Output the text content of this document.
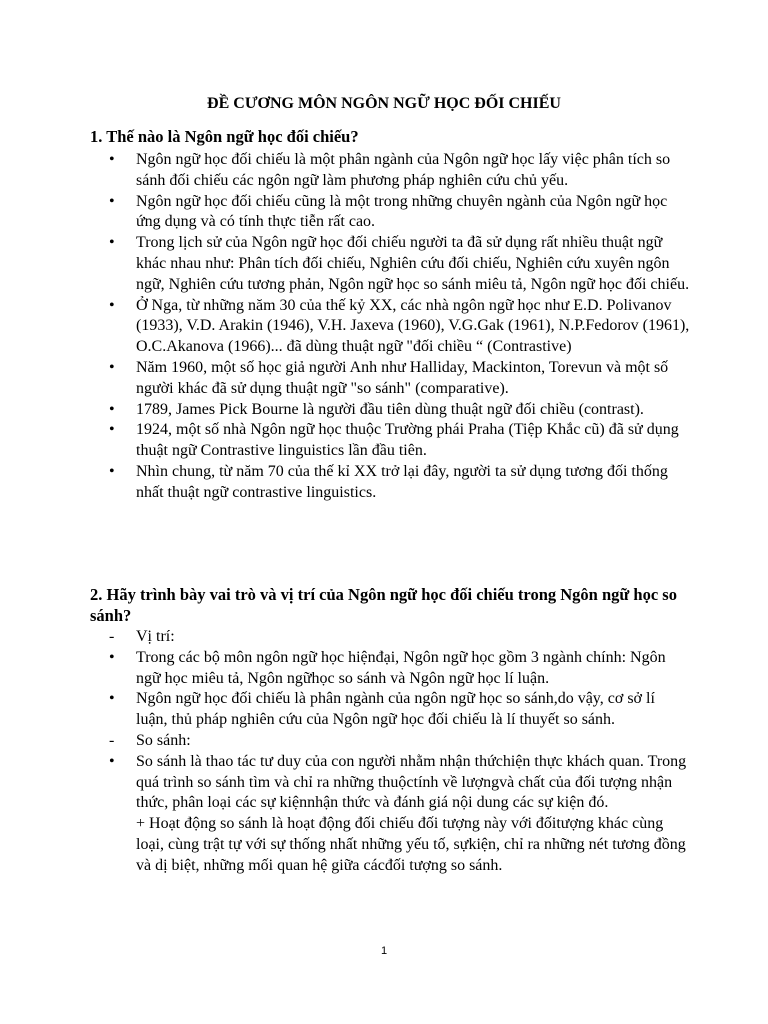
ĐỀ CƯƠNG MÔN NGÔN NGỮ HỌC ĐỐI CHIẾU

1. Thế nào là Ngôn ngữ học đối chiếu?

• Ngôn ngữ học đối chiếu là một phân ngành của Ngôn ngữ học lấy việc phân tích so sánh đối chiếu các ngôn ngữ làm phương pháp nghiên cứu chủ yếu.
• Ngôn ngữ học đối chiếu cũng là một trong những chuyên ngành của Ngôn ngữ học ứng dụng và có tính thực tiễn rất cao.
• Trong lịch sử của Ngôn ngữ học đối chiếu người ta đã sử dụng rất nhiều thuật ngữ khác nhau như: Phân tích đối chiếu, Nghiên cứu đối chiếu, Nghiên cứu xuyên ngôn ngữ, Nghiên cứu tương phản, Ngôn ngữ học so sánh miêu tả, Ngôn ngữ học đối chiếu.
• Ở Nga, từ những năm 30 của thế kỷ XX, các nhà ngôn ngữ học như E.D. Polivanov (1933), V.D. Arakin (1946), V.H. Jaxeva (1960), V.G.Gak (1961), N.P.Fedorov (1961), O.C.Akanova (1966)... đã dùng thuật ngữ "đối chiều “ (Contrastive)
• Năm 1960, một số học giả người Anh như Halliday, Mackinton, Torevun và một số người khác đã sử dụng thuật ngữ "so sánh" (comparative).
• 1789, James Pick Bourne là người đầu tiên dùng thuật ngữ đối chiều (contrast).
• 1924, một số nhà Ngôn ngữ học thuộc Trường phái Praha (Tiệp Khắc cũ) đã sử dụng thuật ngữ Contrastive linguistics lần đầu tiên.
• Nhìn chung, từ năm 70 của thế kỉ XX trở lại đây, người ta sử dụng tương đối thống nhất thuật ngữ contrastive linguistics.

2. Hãy trình bày vai trò và vị trí của Ngôn ngữ học đối chiếu trong Ngôn ngữ học so sánh?

- Vị trí:
• Trong các bộ môn ngôn ngữ học hiệnđại, Ngôn ngữ học gồm 3 ngành chính: Ngôn ngữ học miêu tả, Ngôn ngữhọc so sánh và Ngôn ngữ học lí luận.
• Ngôn ngữ học đối chiếu là phân ngành của ngôn ngữ học so sánh,do vậy, cơ sở lí luận, thủ pháp nghiên cứu của Ngôn ngữ học đối chiếu là lí thuyết so sánh.
- So sánh:
• So sánh là thao tác tư duy của con người nhằm nhận thứchiện thực khách quan. Trong quá trình so sánh tìm và chỉ ra những thuộctính về lượngvà chất của đối tượng nhận thức, phân loại các sự kiệnnhận thức và đánh giá nội dung các sự kiện đó.
+ Hoạt động so sánh là hoạt động đối chiếu đối tượng này với đốitượng khác cùng loại, cùng trật tự với sự thống nhất những yếu tố, sựkiện, chỉ ra những nét tương đồng và dị biệt, những mối quan hệ giữa cácđối tượng so sánh.
1
